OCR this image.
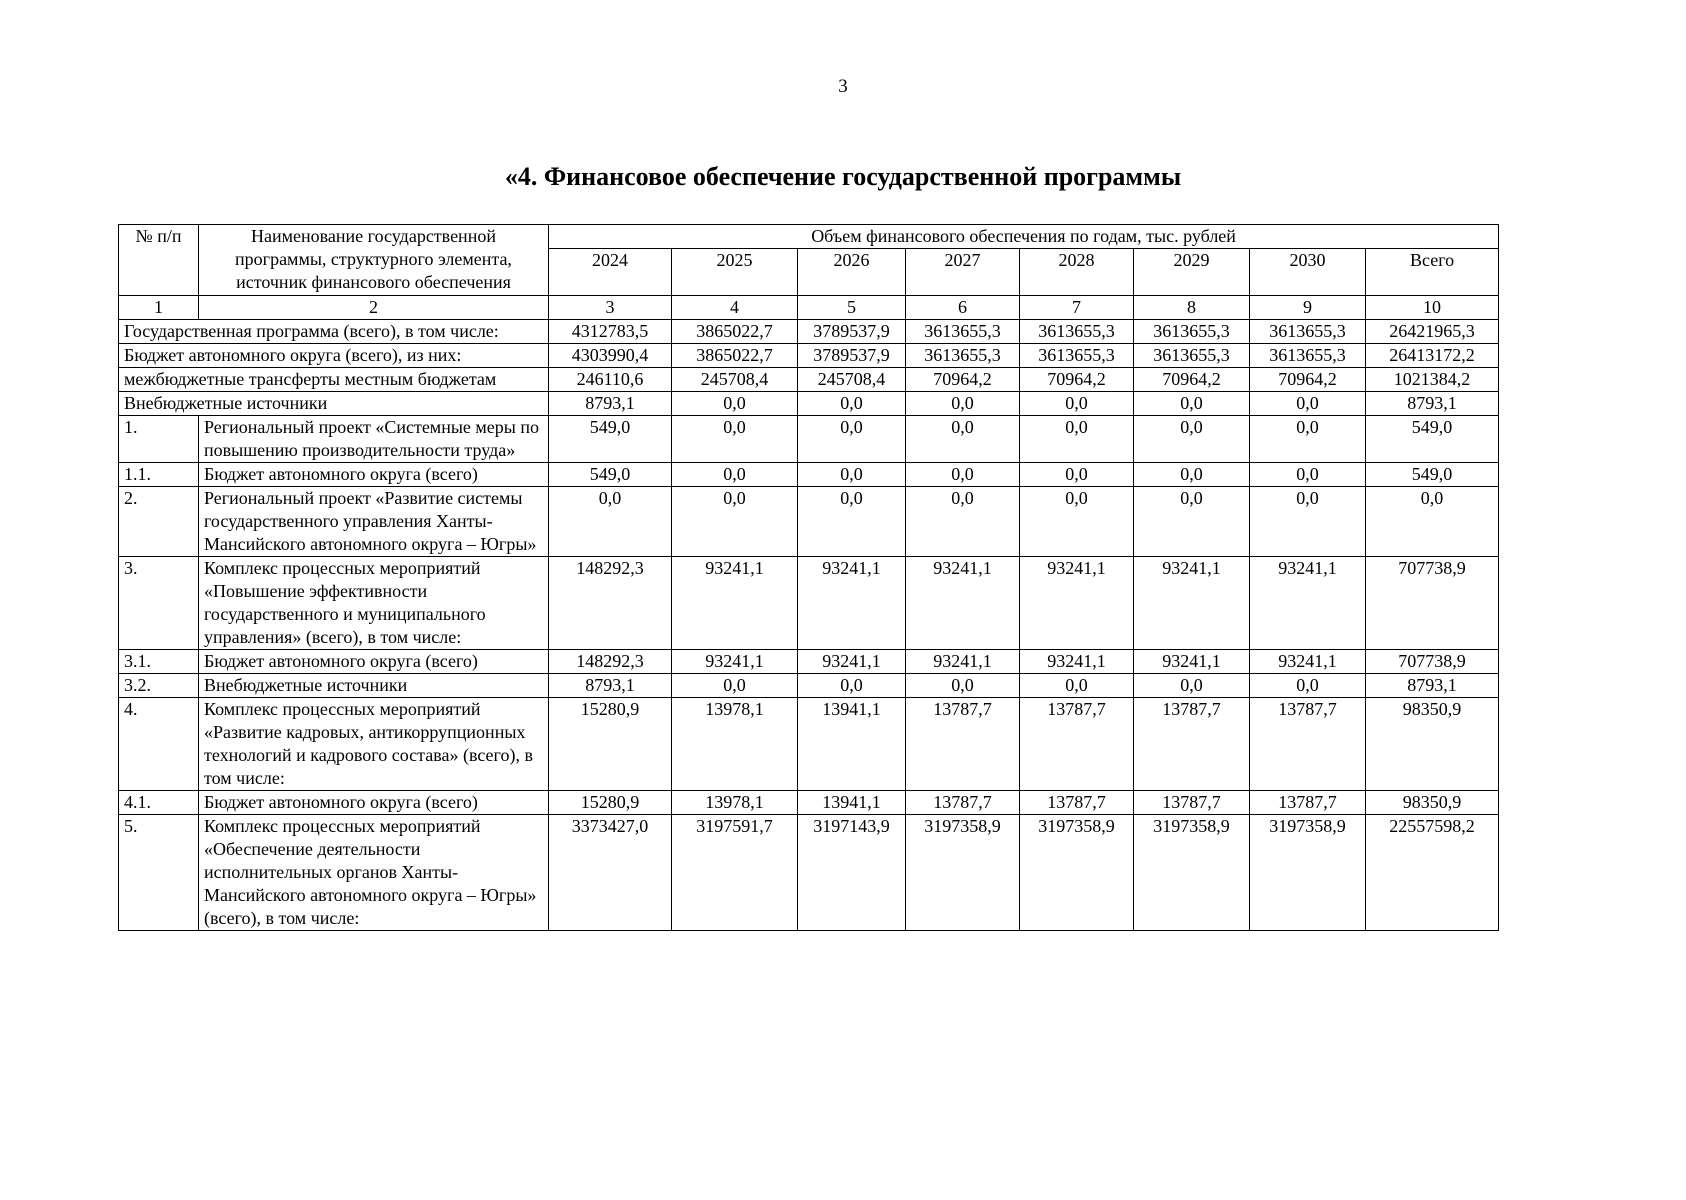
3
«4. Финансовое обеспечение государственной программы
№ п/п	Наименование государственной программы, структурного элемента, источник финансового обеспечения	Объем финансового обеспечения по годам, тыс. рублей							
		2024	2025	2026	2027	2028	2029	2030	Всего
1	2	3	4	5	6	7	8	9	10
Государственная программа (всего), в том числе:		4312783,5	3865022,7	3789537,9	3613655,3	3613655,3	3613655,3	3613655,3	26421965,3
Бюджет автономного округа (всего), из них:		4303990,4	3865022,7	3789537,9	3613655,3	3613655,3	3613655,3	3613655,3	26413172,2
межбюджетные трансферты местным бюджетам		246110,6	245708,4	245708,4	70964,2	70964,2	70964,2	70964,2	1021384,2
Внебюджетные источники		8793,1	0,0	0,0	0,0	0,0	0,0	0,0	8793,1
1.	Региональный проект «Системные меры по повышению производительности труда»	549,0	0,0	0,0	0,0	0,0	0,0	0,0	549,0
1.1.	Бюджет автономного округа (всего)	549,0	0,0	0,0	0,0	0,0	0,0	0,0	549,0
2.	Региональный проект «Развитие системы государственного управления Ханты-Мансийского автономного округа – Югры»	0,0	0,0	0,0	0,0	0,0	0,0	0,0	0,0
3.	Комплекс процессных мероприятий «Повышение эффективности государственного и муниципального управления» (всего), в том числе:	148292,3	93241,1	93241,1	93241,1	93241,1	93241,1	93241,1	707738,9
3.1.	Бюджет автономного округа (всего)	148292,3	93241,1	93241,1	93241,1	93241,1	93241,1	93241,1	707738,9
3.2.	Внебюджетные источники	8793,1	0,0	0,0	0,0	0,0	0,0	0,0	8793,1
4.	Комплекс процессных мероприятий «Развитие кадровых, антикоррупционных технологий и кадрового состава» (всего), в том числе:	15280,9	13978,1	13941,1	13787,7	13787,7	13787,7	13787,7	98350,9
4.1.	Бюджет автономного округа (всего)	15280,9	13978,1	13941,1	13787,7	13787,7	13787,7	13787,7	98350,9
5.	Комплекс процессных мероприятий «Обеспечение деятельности исполнительных органов Ханты-Мансийского автономного округа – Югры» (всего), в том числе:	3373427,0	3197591,7	3197143,9	3197358,9	3197358,9	3197358,9	3197358,9	22557598,2
